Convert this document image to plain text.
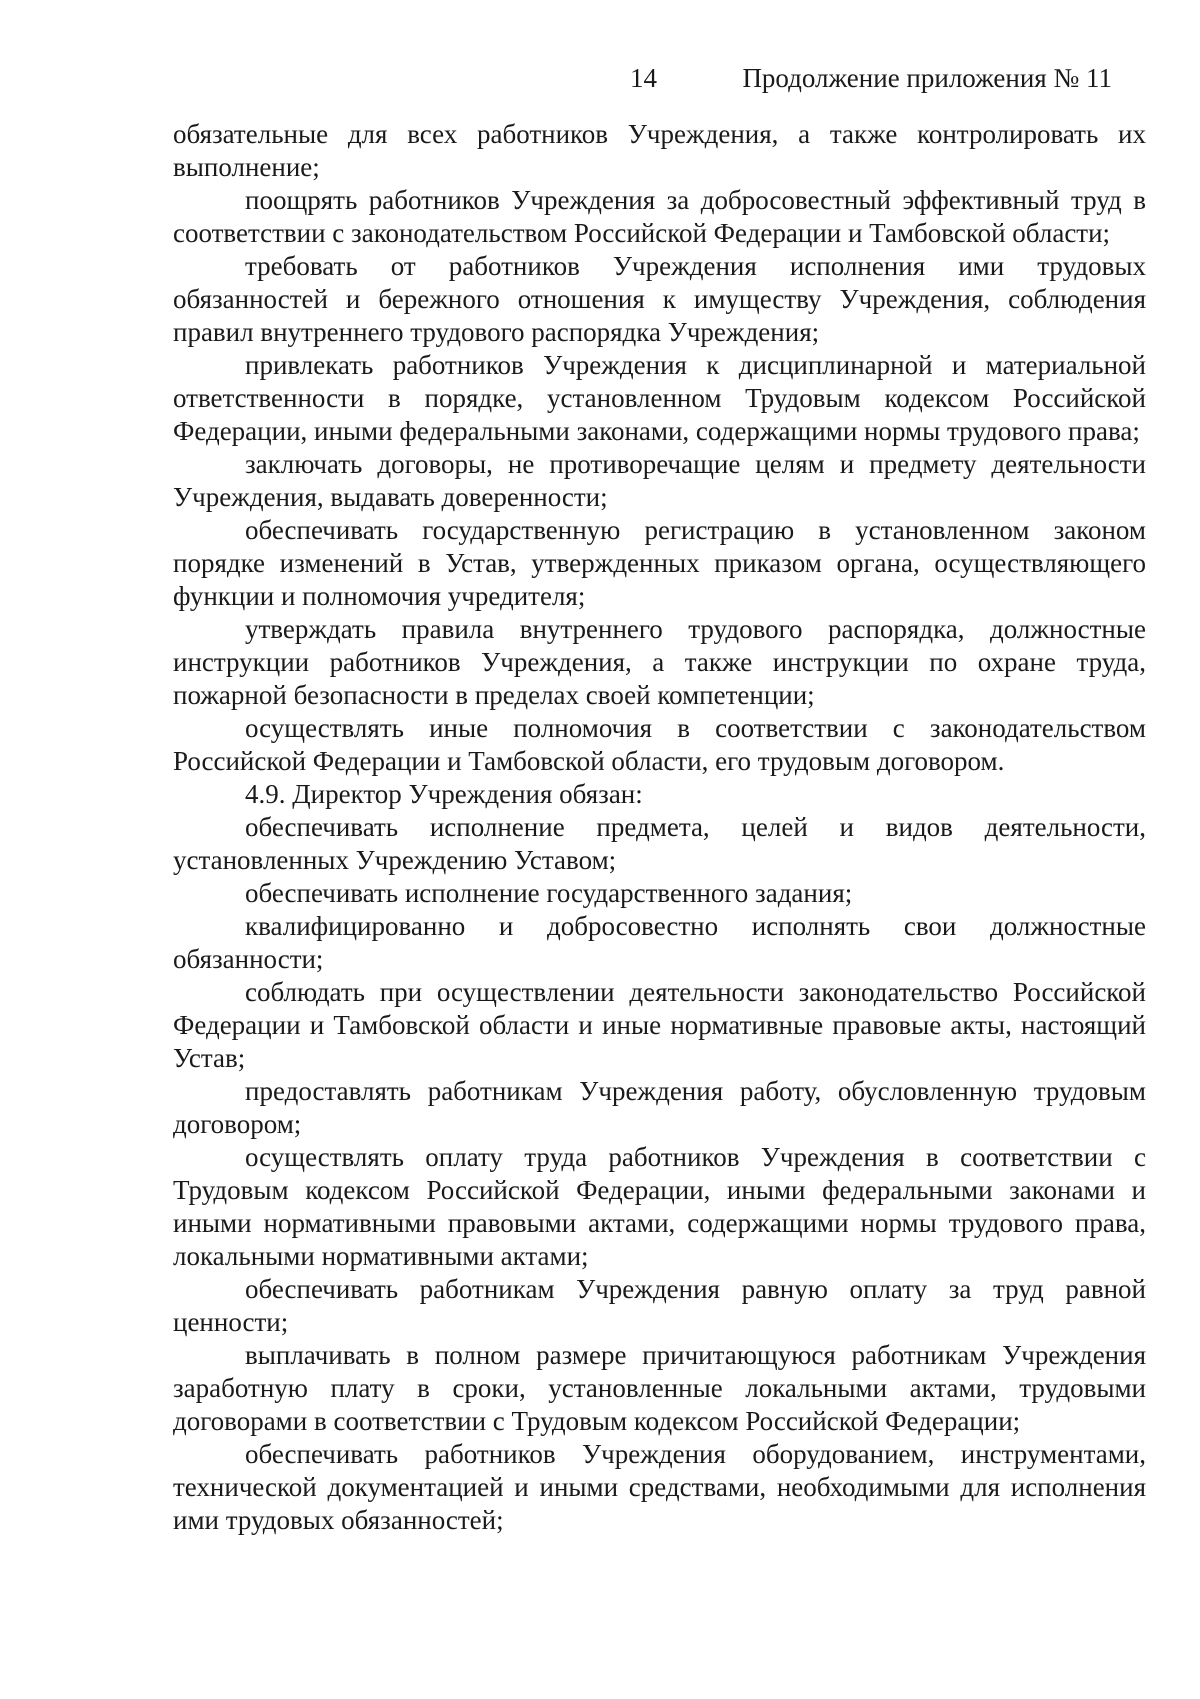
14	Продолжение приложения № 11

обязательные для всех работников Учреждения, а также контролировать их выполнение;

поощрять работников Учреждения за добросовестный эффективный труд в соответствии с законодательством Российской Федерации и Тамбовской области;

требовать от работников Учреждения исполнения ими трудовых обязанностей и бережного отношения к имуществу Учреждения, соблюдения правил внутреннего трудового распорядка Учреждения;

привлекать работников Учреждения к дисциплинарной и материальной ответственности в порядке, установленном Трудовым кодексом Российской Федерации, иными федеральными законами, содержащими нормы трудового права;

заключать договоры, не противоречащие целям и предмету деятельности Учреждения, выдавать доверенности;

обеспечивать государственную регистрацию в установленном законом порядке изменений в Устав, утвержденных приказом органа, осуществляющего функции и полномочия учредителя;

утверждать правила внутреннего трудового распорядка, должностные инструкции работников Учреждения, а также инструкции по охране труда, пожарной безопасности в пределах своей компетенции;

осуществлять иные полномочия в соответствии с законодательством Российской Федерации и Тамбовской области, его трудовым договором.

4.9. Директор Учреждения обязан:

обеспечивать исполнение предмета, целей и видов деятельности, установленных Учреждению Уставом;

обеспечивать исполнение государственного задания;

квалифицированно и добросовестно исполнять свои должностные обязанности;

соблюдать при осуществлении деятельности законодательство Российской Федерации и Тамбовской области и иные нормативные правовые акты, настоящий Устав;

предоставлять работникам Учреждения работу, обусловленную трудовым договором;

осуществлять оплату труда работников Учреждения в соответствии с Трудовым кодексом Российской Федерации, иными федеральными законами и иными нормативными правовыми актами, содержащими нормы трудового права, локальными нормативными актами;

обеспечивать работникам Учреждения равную оплату за труд равной ценности;

выплачивать в полном размере причитающуюся работникам Учреждения заработную плату в сроки, установленные локальными актами, трудовыми договорами в соответствии с Трудовым кодексом Российской Федерации;

обеспечивать работников Учреждения оборудованием, инструментами, технической документацией и иными средствами, необходимыми для исполнения ими трудовых обязанностей;
